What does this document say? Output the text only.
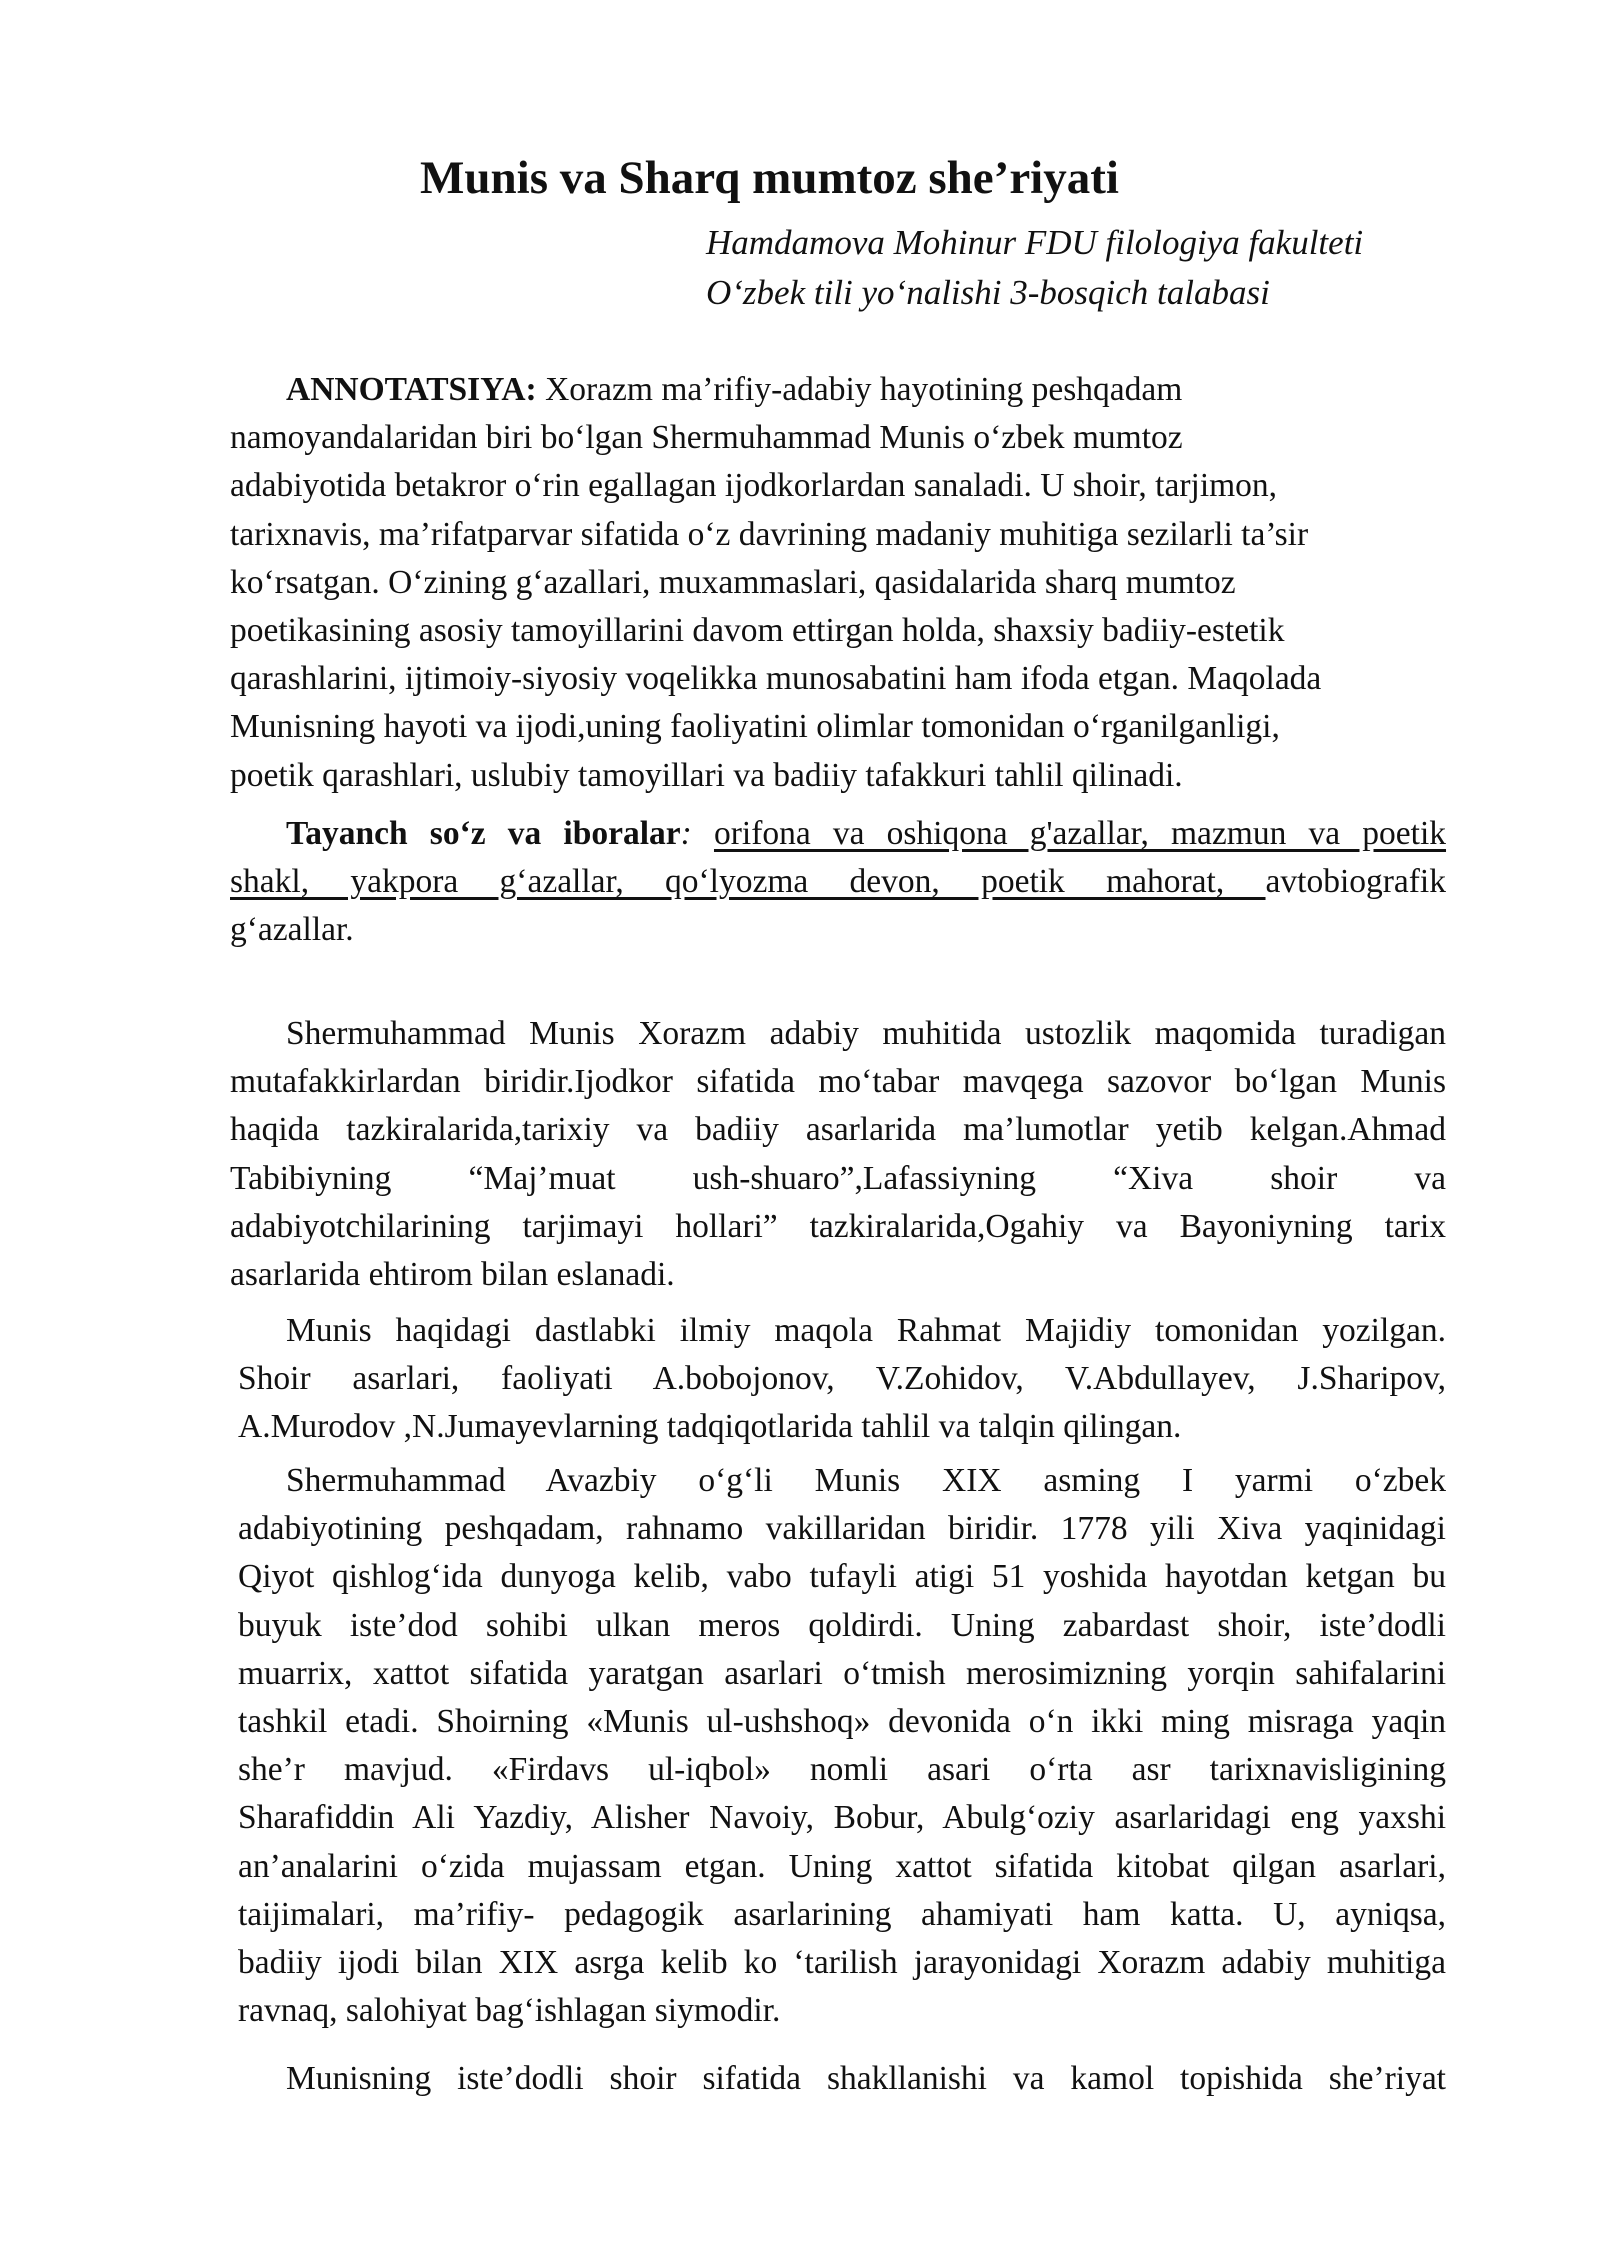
Munis va Sharq mumtoz she’riyati
Hamdamova Mohinur FDU filologiya fakulteti
O‘zbek tili yo‘nalishi 3-bosqich talabasi

ANNOTATSIYA: Xorazm ma’rifiy-adabiy hayotining peshqadam

namoyandalaridan biri bo‘lgan Shermuhammad Munis o‘zbek mumtoz

adabiyotida betakror o‘rin egallagan ijodkorlardan sanaladi. U shoir, tarjimon,

tarixnavis, ma’rifatparvar sifatida o‘z davrining madaniy muhitiga sezilarli ta’sir

ko‘rsatgan. O‘zining g‘azallari, muxammaslari, qasidalarida sharq mumtoz

poetikasining asosiy tamoyillarini davom ettirgan holda, shaxsiy badiiy-estetik

qarashlarini, ijtimoiy-siyosiy voqelikka munosabatini ham ifoda etgan. Maqolada

Munisning hayoti va ijodi,uning faoliyatini olimlar tomonidan o‘rganilganligi,

poetik qarashlari, uslubiy tamoyillari va badiiy tafakkuri tahlil qilinadi.

Tayanch so‘z va iboralar: orifona va oshiqona g'azallar, mazmun va poetik

shakl,  yakpora  g‘azallar,  qo‘lyozma  devon,  poetik  mahorat,  avtobiografik

g‘azallar.

Shermuhammad Munis Xorazm adabiy muhitida ustozlik maqomida turadigan

mutafakkirlardan biridir.Ijodkor sifatida mo‘tabar mavqega sazovor bo‘lgan Munis

haqida tazkiralarida,tarixiy va badiiy asarlarida ma’lumotlar yetib kelgan.Ahmad

Tabibiyning “Maj’muat ush-shuaro”,Lafassiyning “Xiva shoir va

adabiyotchilarining tarjimayi hollari” tazkiralarida,Ogahiy va Bayoniyning tarix

asarlarida ehtirom bilan eslanadi.

Munis haqidagi dastlabki ilmiy maqola Rahmat Majidiy tomonidan yozilgan.

Shoir asarlari, faoliyati A.bobojonov, V.Zohidov, V.Abdullayev, J.Sharipov,

A.Murodov ,N.Jumayevlarning tadqiqotlarida tahlil va talqin qilingan.

Shermuhammad Avazbiy o‘g‘li Munis XIX asming I yarmi o‘zbek

adabiyotining peshqadam, rahnamo vakillaridan biridir. 1778 yili Xiva yaqinidagi

Qiyot qishlog‘ida dunyoga kelib, vabo tufayli atigi 51 yoshida hayotdan ketgan bu

buyuk iste’dod sohibi ulkan meros qoldirdi. Uning zabardast shoir, iste’dodli

muarrix, xattot sifatida yaratgan asarlari o‘tmish merosimizning yorqin sahifalarini

tashkil etadi. Shoirning «Munis ul-ushshoq» devonida o‘n ikki ming misraga yaqin

she’r mavjud. «Firdavs ul-iqbol» nomli asari o‘rta asr tarixnavisligining

Sharafiddin Ali Yazdiy, Alisher Navoiy, Bobur, Abulg‘oziy asarlaridagi eng yaxshi

an’analarini o‘zida mujassam etgan. Uning xattot sifatida kitobat qilgan asarlari,

taijimalari, ma’rifiy- pedagogik asarlarining ahamiyati ham katta. U, ayniqsa,

badiiy ijodi bilan XIX asrga kelib ko ‘tarilish jarayonidagi Xorazm adabiy muhitiga

ravnaq, salohiyat bag‘ishlagan siymodir.

Munisning iste’dodli shoir sifatida shakllanishi va kamol topishida she’riyat
